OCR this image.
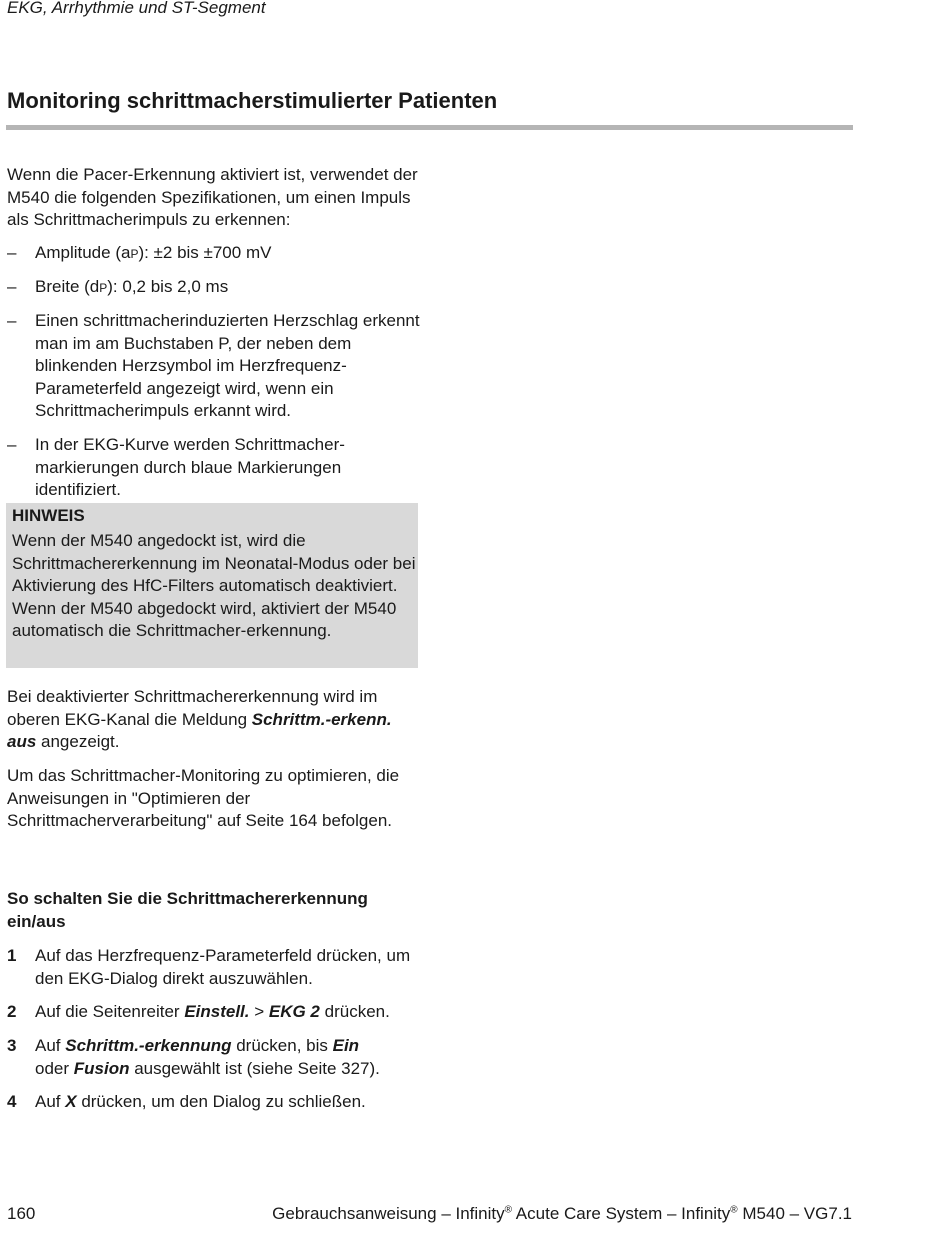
EKG, Arrhythmie und ST-Segment
Monitoring schrittmacherstimulierter Patienten

Wenn die Pacer-Erkennung aktiviert ist, verwendet der M540 die folgenden Spezifikationen, um einen Impuls als Schrittmacherimpuls zu erkennen:

–	Amplitude (aP): ±2 bis ±700 mV
–	Breite (dP): 0,2 bis 2,0 ms
–	Einen schrittmacherinduzierten Herzschlag erkennt man im am Buchstaben P, der neben dem blinkenden Herzsymbol im Herzfrequenz-Parameterfeld angezeigt wird, wenn ein Schrittmacherimpuls erkannt wird.
–	In der EKG-Kurve werden Schrittmacher-markierungen durch blaue Markierungen identifiziert.
HINWEIS
Wenn der M540 angedockt ist, wird die Schrittmachererkennung im Neonatal-Modus oder bei Aktivierung des HfC-Filters automatisch deaktiviert. Wenn der M540 abgedockt wird, aktiviert der M540 automatisch die Schrittmacher-erkennung.

Bei deaktivierter Schrittmachererkennung wird im oberen EKG-Kanal die Meldung Schrittm.-erkenn. aus angezeigt.

Um das Schrittmacher-Monitoring zu optimieren, die Anweisungen in "Optimieren der Schrittmacherverarbeitung" auf Seite 164 befolgen.

So schalten Sie die Schrittmachererkennung ein/aus
1	Auf das Herzfrequenz-Parameterfeld drücken, um den EKG-Dialog direkt auszuwählen.
2	Auf die Seitenreiter Einstell. > EKG 2 drücken.
3	Auf Schrittm.-erkennung drücken, bis Ein
oder Fusion ausgewählt ist (siehe Seite 327).
4	Auf X drücken, um den Dialog zu schließen.
160	Gebrauchsanweisung – Infinity® Acute Care System – Infinity® M540 – VG7.1
